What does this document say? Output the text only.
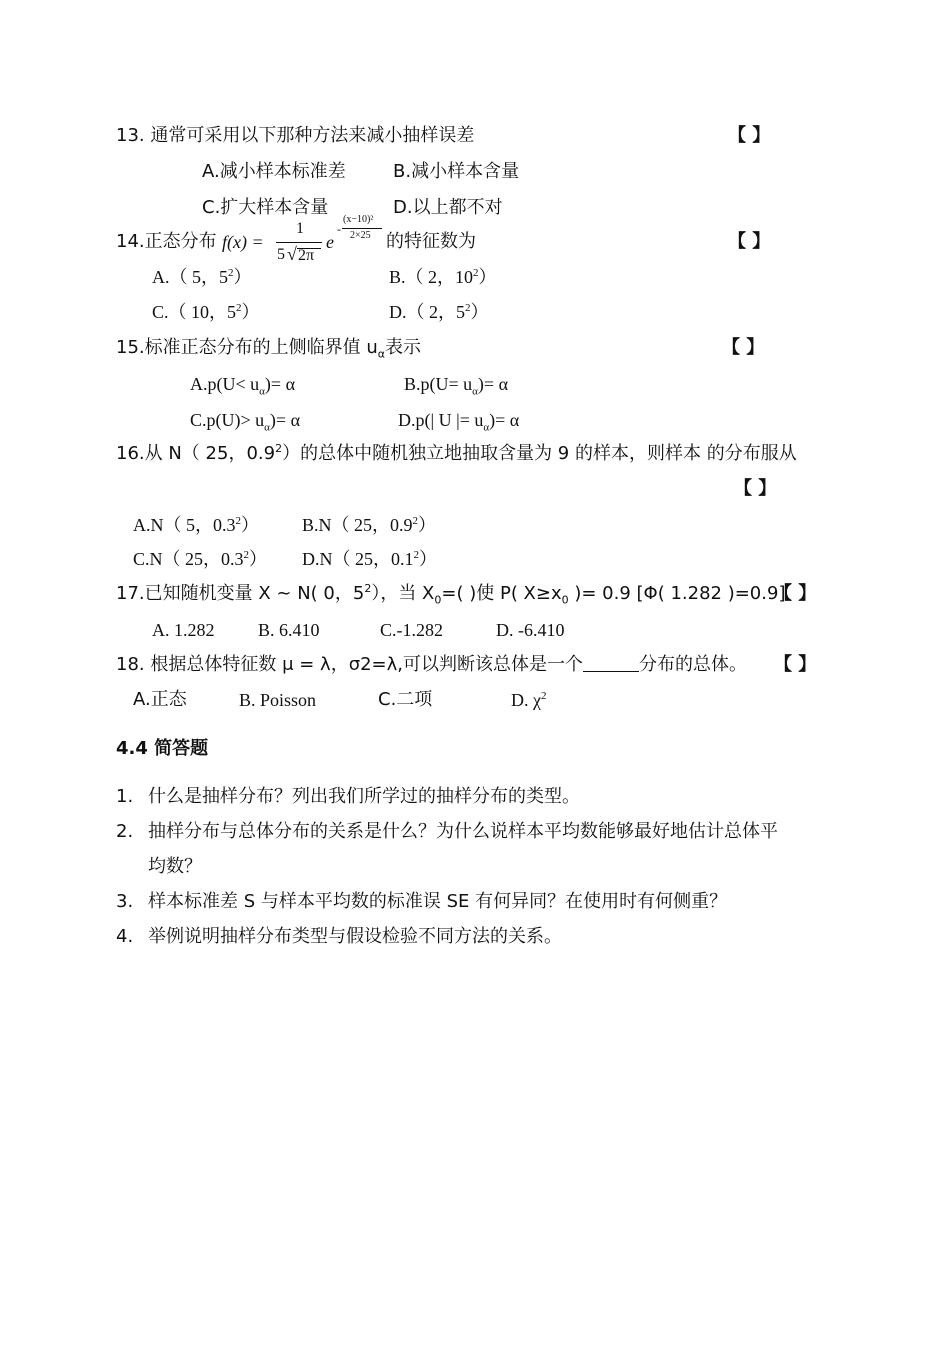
13. 通常可采用以下那种方法来减小抽样误差	【 】
A.减小样本标准差	B.减小样本含量
C.扩大样本含量	D.以上都不对
14.正态分布 f(x) =
1
5 √ 2π
e
-
(x−10)²
2×25 的特征数为	【 】
A.（ 5，$5^2$）	B.（ 2，$10^2$）
C.（ 10，$5^2$）	D.（ 2，$5^2$）
15.标准正态分布的上侧临界值 $u_\alpha$表示	【 】
$A.p(U< u_\alpha)= \alpha$	$B.p(U= u_\alpha)= \alpha$
$C.p(U)> u_\alpha)= \alpha$	D.p(| U |= $u_\alpha)= \alpha$
16.从 N（ 25，$0.9^2$）的总体中随机独立地抽取含量为 9 的样本，则样本 的分布服从
【 】
A.N（ 5，$0.3^2$） B.N（ 25，$0.9^2$）
C.N（ 25，$0.3^2$） D.N（ 25，$0.1^2$）
17.已知随机变量 X ~ N( 0，$5^2$），当 $X_0=$( )使 P( $X\ge x_0$ )= 0.9 [Φ( 1.282 )=0.9]
【 】
A. 1.282 B. 6.410	C.-1.282	D. -6.410
18. 根据总体特征数 μ = λ，σ2=λ,可以判断该总体是一个	分布的总体。 【 】
A.正态	B. Poisson	C.二项	D. $\chi^2$
4.4 简答题
1. 什么是抽样分布？列出我们所学过的抽样分布的类型。
2. 抽样分布与总体分布的关系是什么？为什么说样本平均数能够最好地估计总体平
均数？
3. 样本标准差 S 与样本平均数的标准误 SE 有何异同？在使用时有何侧重？
4. 举例说明抽样分布类型与假设检验不同方法的关系。
